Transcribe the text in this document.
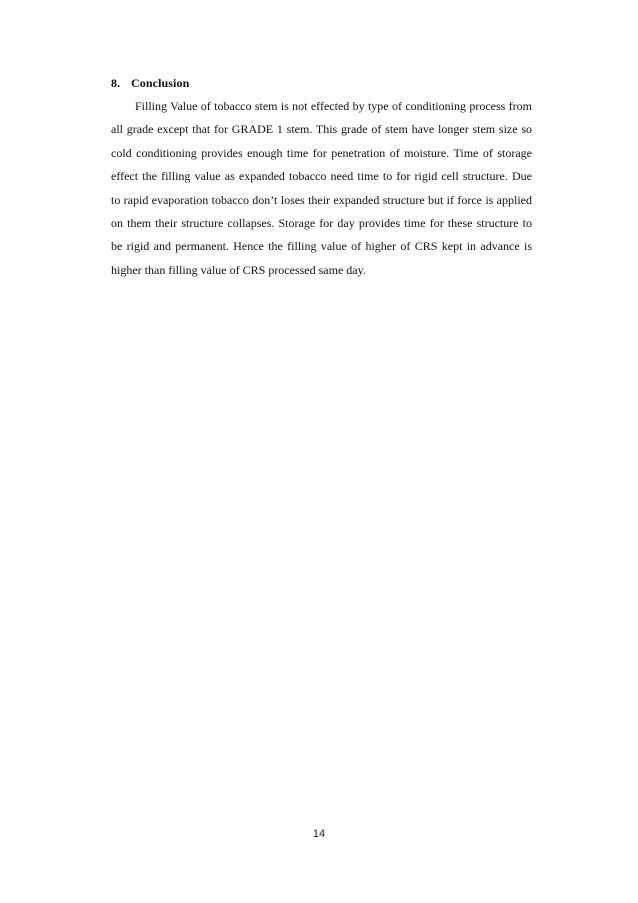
8. Conclusion
Filling Value of tobacco stem is not effected by type of conditioning process from
all grade except that for GRADE 1 stem. This grade of stem have longer stem size so
cold conditioning provides enough time for penetration of moisture. Time of storage
effect the filling value as expanded tobacco need time to for rigid cell structure. Due
to rapid evaporation tobacco don’t loses their expanded structure but if force is applied
on them their structure collapses. Storage for day provides time for these structure to
be rigid and permanent. Hence the filling value of higher of CRS kept in advance is
higher than filling value of CRS processed same day.
14
